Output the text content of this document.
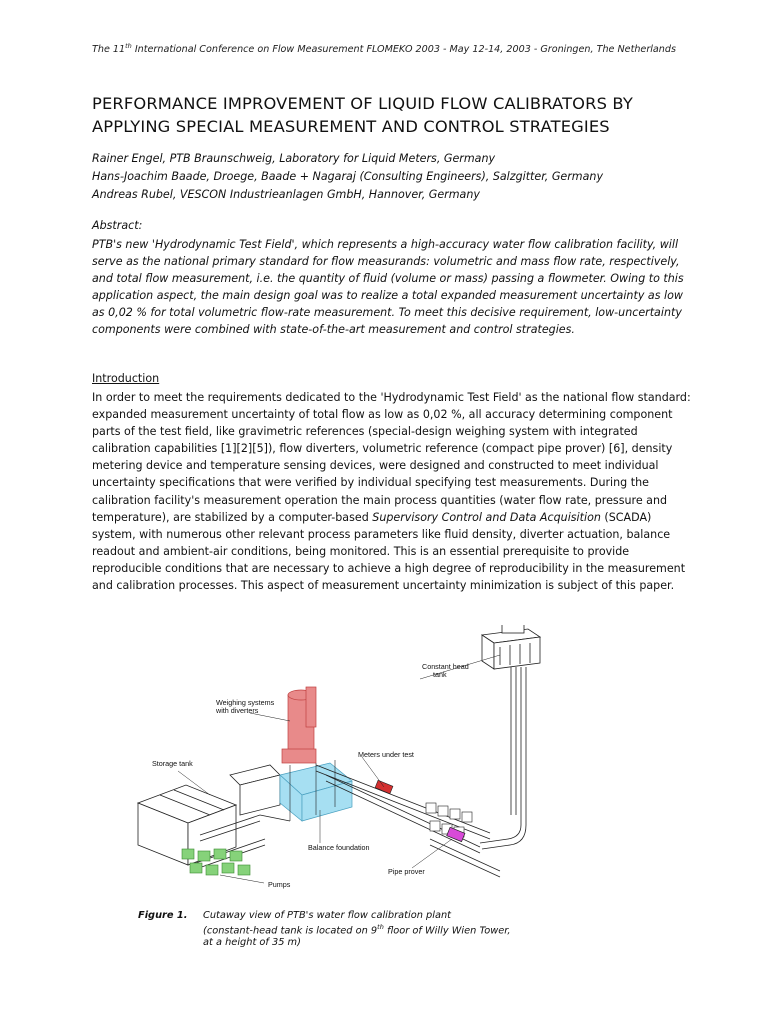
The 11th International Conference on Flow Measurement FLOMEKO 2003 - May 12-14, 2003 - Groningen, The Netherlands
PERFORMANCE IMPROVEMENT OF LIQUID FLOW CALIBRATORS BY
APPLYING SPECIAL MEASUREMENT AND CONTROL STRATEGIES
Rainer Engel, PTB Braunschweig, Laboratory for Liquid Meters, Germany
Hans-Joachim Baade, Droege, Baade + Nagaraj (Consulting Engineers), Salzgitter, Germany
Andreas Rubel, VESCON Industrieanlagen GmbH, Hannover, Germany
Abstract:
PTB's new 'Hydrodynamic Test Field', which represents a high-accuracy water flow calibration facility, will serve as the national primary standard for flow measurands: volumetric and mass flow rate, respectively, and total flow measurement, i.e. the quantity of fluid (volume or mass) passing a flowmeter. Owing to this application aspect, the main design goal was to realize a total expanded measurement uncertainty as low as 0,02 % for total volumetric flow-rate measurement. To meet this decisive requirement, low-uncertainty components were combined with state-of-the-art measurement and control strategies.
Introduction
In order to meet the requirements dedicated to the 'Hydrodynamic Test Field' as the national flow standard: expanded measurement uncertainty of total flow as low as 0,02 %, all accuracy determining component parts of the test field, like gravimetric references (special-design weighing system with integrated calibration capabilities [1][2][5]), flow diverters, volumetric reference (compact pipe prover) [6], density metering device and temperature sensing devices, were designed and constructed to meet individual uncertainty specifications that were verified by individual specifying test measurements. During the calibration facility's measurement operation the main process quantities (water flow rate, pressure and temperature), are stabilized by a computer-based Supervisory Control and Data Acquisition (SCADA) system, with numerous other relevant process parameters like fluid density, diverter actuation, balance readout and ambient-air conditions, being monitored. This is an essential prerequisite to provide reproducible conditions that are necessary to achieve a high degree of reproducibility in the measurement and calibration processes. This aspect of measurement uncertainty minimization is subject of this paper.
Constant head
tank
Weighing systems
with diverters
Storage tank
Meters under test
Balance foundation
Pipe prover
Pumps
Figure 1. Cutaway view of PTB's water flow calibration plant
(constant-head tank is located on 9th floor of Willy Wien Tower,
at a height of 35 m)
